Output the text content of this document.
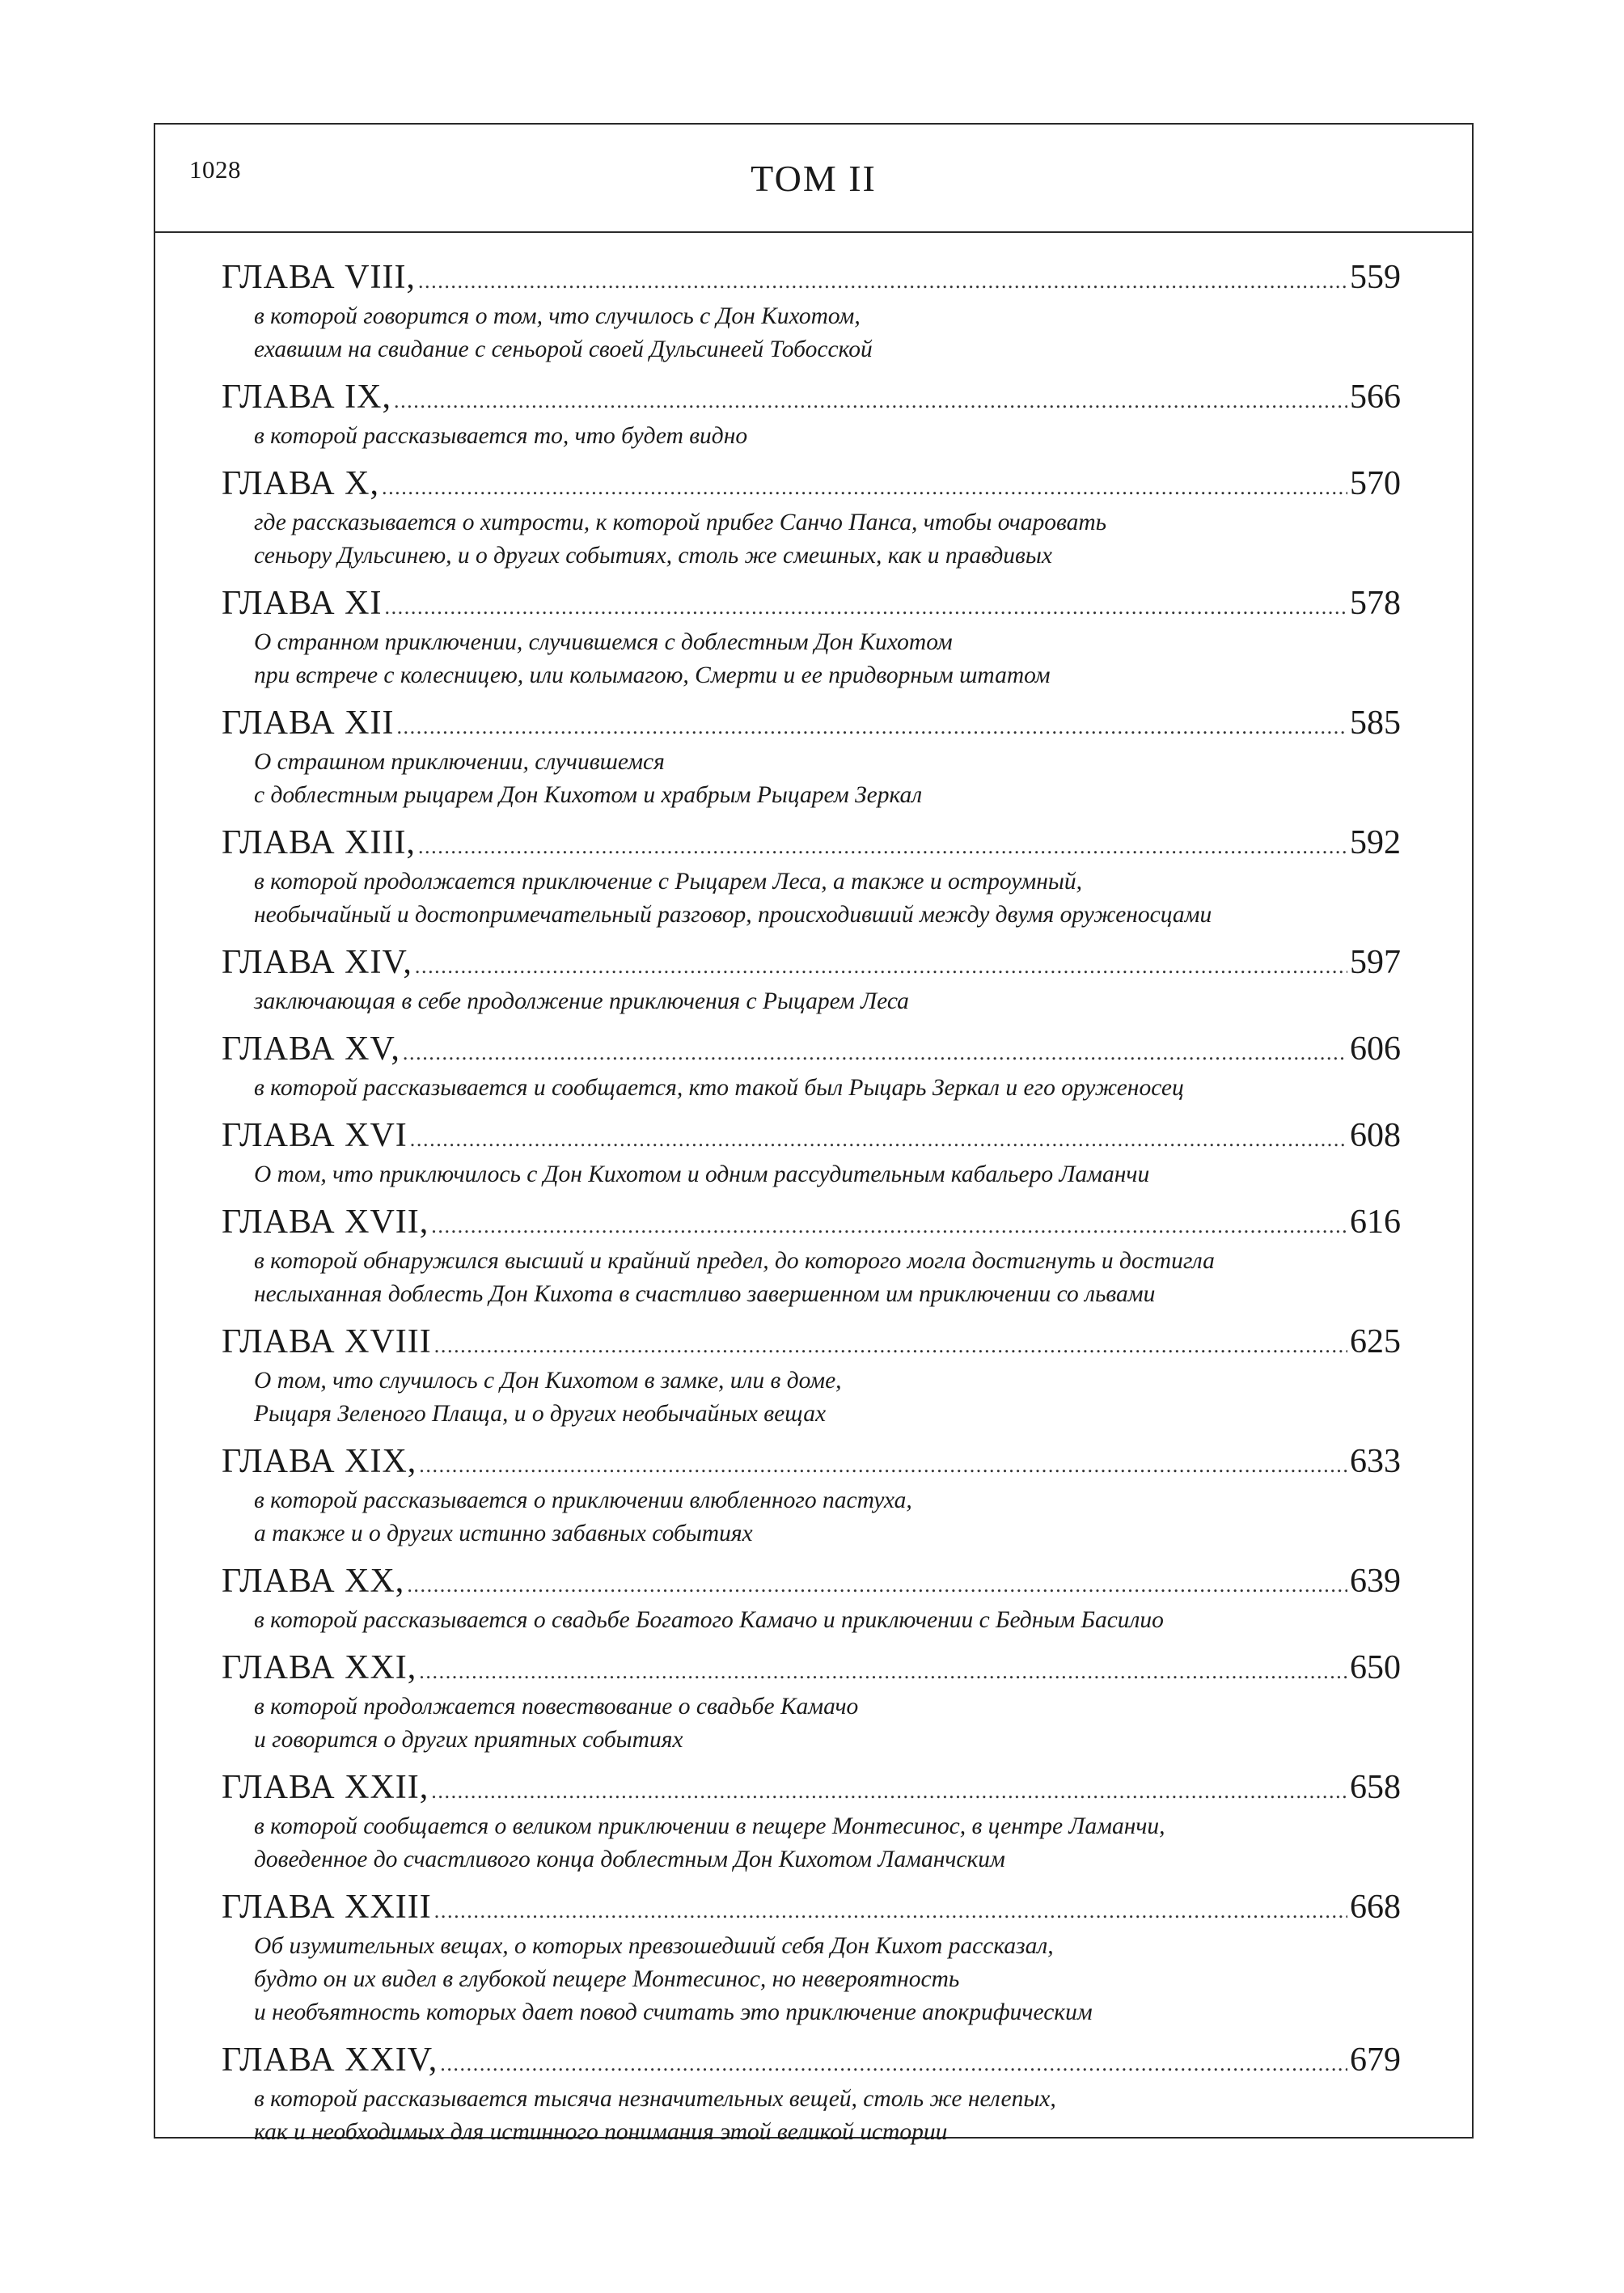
1028	ТОМ II
ГЛАВА VIII, .....	559
в которой говорится о том, что случилось с Дон Кихотом,
ехавшим на свидание с сеньорой своей Дульсинеей Тобосской
ГЛАВА IX, .....	566
в которой рассказывается то, что будет видно
ГЛАВА X, .....	570
где рассказывается о хитрости, к которой прибег Санчо Панса, чтобы очаровать
сеньору Дульсинею, и о других событиях, столь же смешных, как и правдивых
ГЛАВА XI .....	578
О странном приключении, случившемся с доблестным Дон Кихотом
при встрече с колесницею, или колымагою, Смерти и ее придворным штатом
ГЛАВА XII .....	585
О страшном приключении, случившемся
с доблестным рыцарем Дон Кихотом и храбрым Рыцарем Зеркал
ГЛАВА XIII, .....	592
в которой продолжается приключение с Рыцарем Леса, а также и остроумный,
необычайный и достопримечательный разговор, происходивший между двумя оруженосцами
ГЛАВА XIV, .....	597
заключающая в себе продолжение приключения с Рыцарем Леса
ГЛАВА XV, .....	606
в которой рассказывается и сообщается, кто такой был Рыцарь Зеркал и его оруженосец
ГЛАВА XVI .....	608
О том, что приключилось с Дон Кихотом и одним рассудительным кабальеро Ламанчи
ГЛАВА XVII, .....	616
в которой обнаружился высший и крайний предел, до которого могла достигнуть и достигла
неслыханная доблесть Дон Кихота в счастливо завершенном им приключении со львами
ГЛАВА XVIII .....	625
О том, что случилось с Дон Кихотом в замке, или в доме,
Рыцаря Зеленого Плаща, и о других необычайных вещах
ГЛАВА XIX, .....	633
в которой рассказывается о приключении влюбленного пастуха,
а также и о других истинно забавных событиях
ГЛАВА XX, .....	639
в которой рассказывается о свадьбе Богатого Камачо и приключении с Бедным Басилио
ГЛАВА XXI, .....	650
в которой продолжается повествование о свадьбе Камачо
и говорится о других приятных событиях
ГЛАВА XXII, .....	658
в которой сообщается о великом приключении в пещере Монтесинос, в центре Ламанчи,
доведенное до счастливого конца доблестным Дон Кихотом Ламанчским
ГЛАВА XXIII .....	668
Об изумительных вещах, о которых превзошедший себя Дон Кихот рассказал,
будто он их видел в глубокой пещере Монтесинос, но невероятность
и необъятность которых дает повод считать это приключение апокрифическим
ГЛАВА XXIV, .....	679
в которой рассказывается тысяча незначительных вещей, столь же нелепых,
как и необходимых для истинного понимания этой великой истории
